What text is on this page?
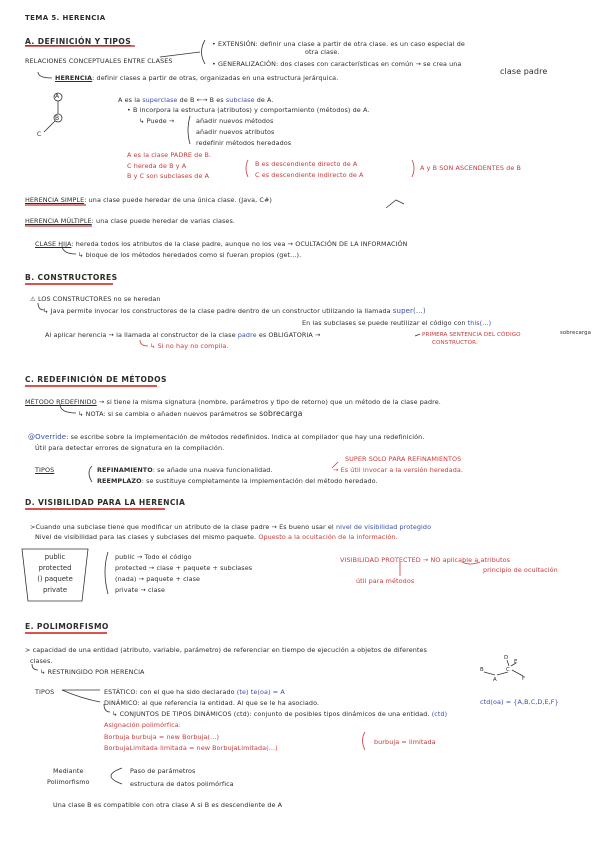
TEMA 5. HERENCIA
A. DEFINICIÓN Y TIPOS
RELACIONES CONCEPTUALES ENTRE CLASES
• EXTENSIÓN: definir una clase a partir de otra clase. es un caso especial de
otra clase.
• GENERALIZACIÓN: dos clases con características en común → se crea una
clase padre
HERENCIA: definir clases a partir de otras, organizadas en una estructura jerárquica.
A
B
C
A es la superclase de B ←→ B es subclase de A.
• B incorpora la estructura (atributos) y comportamiento (métodos) de A.
↳ Puede →	añadir nuevos métodos
añadir nuevos atributos
redefinir métodos heredados
A es la clase PADRE de B.
C hereda de B y A
B y C son subclases de A
B es descendiente directo de A
C es descendiente indirecto de A
A y B SON ASCENDENTES de B
HERENCIA SIMPLE: una clase puede heredar de una única clase. (Java, C#)
HERENCIA MÚLTIPLE: una clase puede heredar de varias clases.
CLASE HIJA: hereda todos los atributos de la clase padre, aunque no los vea → OCULTACIÓN DE LA INFORMACIÓN
↳ bloque de los métodos heredados como si fueran propios (get...).
B. CONSTRUCTORES
⚠ LOS CONSTRUCTORES no se heredan
↳ Java permite invocar los constructores de la clase padre dentro de un constructor utilizando la llamada super(...)
En las subclases se puede reutilizar el código con this(...)
Al aplicar herencia → la llamada al constructor de la clase padre es OBLIGATORIA →	PRIMERA SENTENCIA DEL CÓDIGO	sobrecarga
CONSTRUCTOR.
↳ Si no hay no compila.
C. REDEFINICIÓN DE MÉTODOS
MÉTODO REDEFINIDO → si tiene la misma signatura (nombre, parámetros y tipo de retorno) que un método de la clase padre.
↳ NOTA: si se cambia o añaden nuevos parámetros se sobrecarga
@Override: se escribe sobre la implementación de métodos redefinidos. Indica al compilador que hay una redefinición.
Útil para detectar errores de signatura en la compilación.
SUPER SOLO PARA REFINAMIENTOS
TIPOS	REFINAMIENTO: se añade una nueva funcionalidad.	→ Es útil invocar a la versión heredada.
REEMPLAZO: se sustituye completamente la implementación del método heredado.
D. VISIBILIDAD PARA LA HERENCIA
>Cuando una subclase tiene que modificar un atributo de la clase padre → Es bueno usar el nivel de visibilidad protegido
Nivel de visibilidad para las clases y subclases del mismo paquete. Opuesto a la ocultación de la información.
public
protected
() paquete
private
public → Todo el código
protected → clase + paquete + subclases
(nada) → paquete + clase
private → clase
VISIBILIDAD PROTECTED → NO aplicable a atributos
principio de ocultación
útil para métodos
E. POLIMORFISMO
> capacidad de una entidad (atributo, variable, parámetro) de referenciar en tiempo de ejecución a objetos de diferentes
clases.
↳ RESTRINGIDO POR HERENCIA
TIPOS	ESTÁTICO: con el que ha sido declarado (te) te(oa) = A
DINÁMICO: al que referencia la entidad. Al que se le ha asociado.	ctd(oa) = {A,B,C,D,E,F}
↳ CONJUNTOS DE TIPOS DINÁMICOS (ctd): conjunto de posibles tipos dinámicos de una entidad. (ctd)
Asignación polimórfica:
Borbuja burbuja = new Borbuja(...)
BorbujaLimitada limitada = new BorbujaLimitada(...)
burbuja = limitada
A
B	C
D
E
F
Mediante
Polimorfismo
Paso de parámetros
estructura de datos polimórfica
Una clase B es compatible con otra clase A si B es descendiente de A
